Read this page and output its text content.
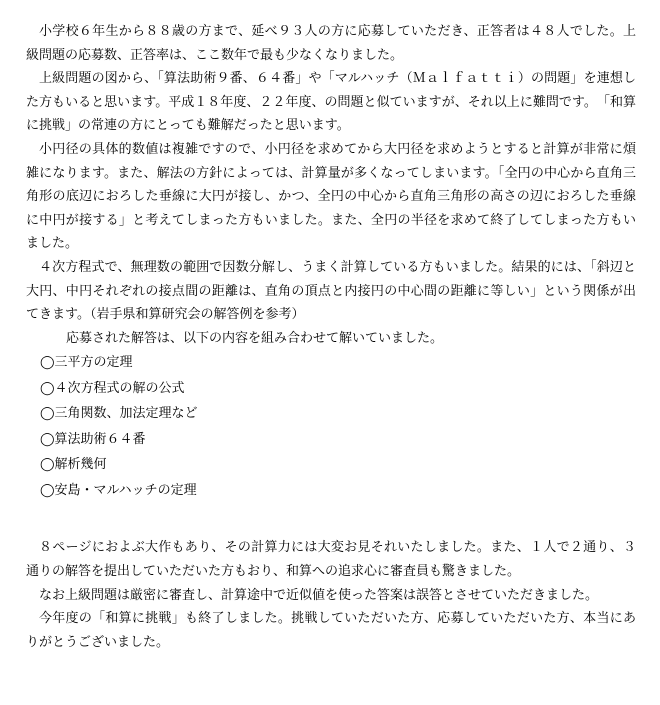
小学校６年生から８８歳の方まで、延べ９３人の方に応募していただき、正答者は４８人でした。上級問題の応募数、正答率は、ここ数年で最も少なくなりました。

上級問題の図から、「算法助術９番、６４番」や「マルハッチ（Ｍａｌｆａｔｔｉ）の問題」を連想した方もいると思います。平成１８年度、２２年度、の問題と似ていますが、それ以上に難問です。　「和算に挑戦」の常連の方にとっても難解だったと思います。

小円径の具体的数値は複雑ですので、小円径を求めてから大円径を求めようとすると計算が非常に煩雑になります。また、解法の方針によっては、計算量が多くなってしまいます。「全円の中心から直角三角形の底辺におろした垂線に大円が接し、かつ、全円の中心から直角三角形の高さの辺におろした垂線に中円が接する」と考えてしまった方もいました。また、全円の半径を求めて終了してしまった方もいました。

４次方程式で、無理数の範囲で因数分解し、うまく計算している方もいました。結果的には、「斜辺と大円、中円それぞれの接点間の距離は、直角の頂点と内接円の中心間の距離に等しい」という関係が出てきます。（岩手県和算研究会の解答例を参考）

応募された解答は、以下の内容を組み合わせて解いていました。

◯三平方の定理
◯４次方程式の解の公式
◯三角関数、加法定理など
◯算法助術６４番
◯解析幾何
◯安島・マルハッチの定理

８ページにおよぶ大作もあり、その計算力には大変お見それいたしました。また、１人で２通り、３通りの解答を提出していただいた方もおり、和算への追求心に審査員も驚きました。

なお上級問題は厳密に審査し、計算途中で近似値を使った答案は誤答とさせていただきました。

今年度の「和算に挑戦」も終了しました。挑戦していただいた方、応募していただいた方、本当にありがとうございました。
